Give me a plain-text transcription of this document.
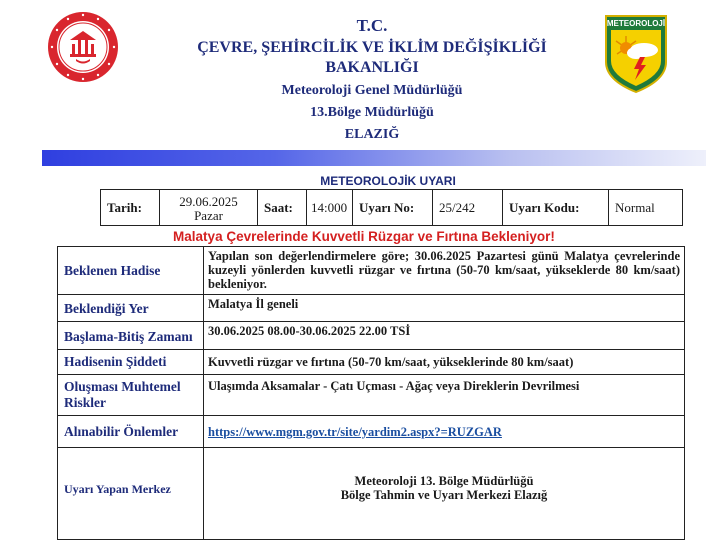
T.C.
ÇEVRE, ŞEHİRCİLİK VE İKLİM DEĞİŞİKLİĞİ BAKANLIĞI
Meteoroloji Genel Müdürlüğü
13.Bölge Müdürlüğü
ELAZIĞ
METEOROLOJİ
METEOROLOJİK UYARI
Tarih:	29.06.2025
Pazar
	Saat:	14:000	Uyarı No:	25/242	Uyarı Kodu:	Normal
Malatya Çevrelerinde Kuvvetli Rüzgar ve Fırtına Bekleniyor!
Beklenen Hadise	Yapılan son değerlendirmelere göre; 30.06.2025 Pazartesi günü Malatya çevrelerinde kuzeyli yönlerden kuvvetli rüzgar ve fırtına (50-70 km/saat, yükseklerde 80 km/saat) bekleniyor.
Beklendiği Yer	Malatya İl geneli
Başlama-Bitiş Zamanı	30.06.2025 08.00-30.06.2025 22.00 TSİ
Hadisenin Şiddeti	Kuvvetli rüzgar ve fırtına (50-70 km/saat, yükseklerinde 80 km/saat)
Oluşması Muhtemel Riskler	Ulaşımda Aksamalar - Çatı Uçması - Ağaç veya Direklerin Devrilmesi
Alınabilir Önlemler	https://www.mgm.gov.tr/site/yardim2.aspx?=RUZGAR
Uyarı Yapan Merkez	Meteoroloji 13. Bölge Müdürlüğü
Bölge Tahmin ve Uyarı Merkezi Elazığ
